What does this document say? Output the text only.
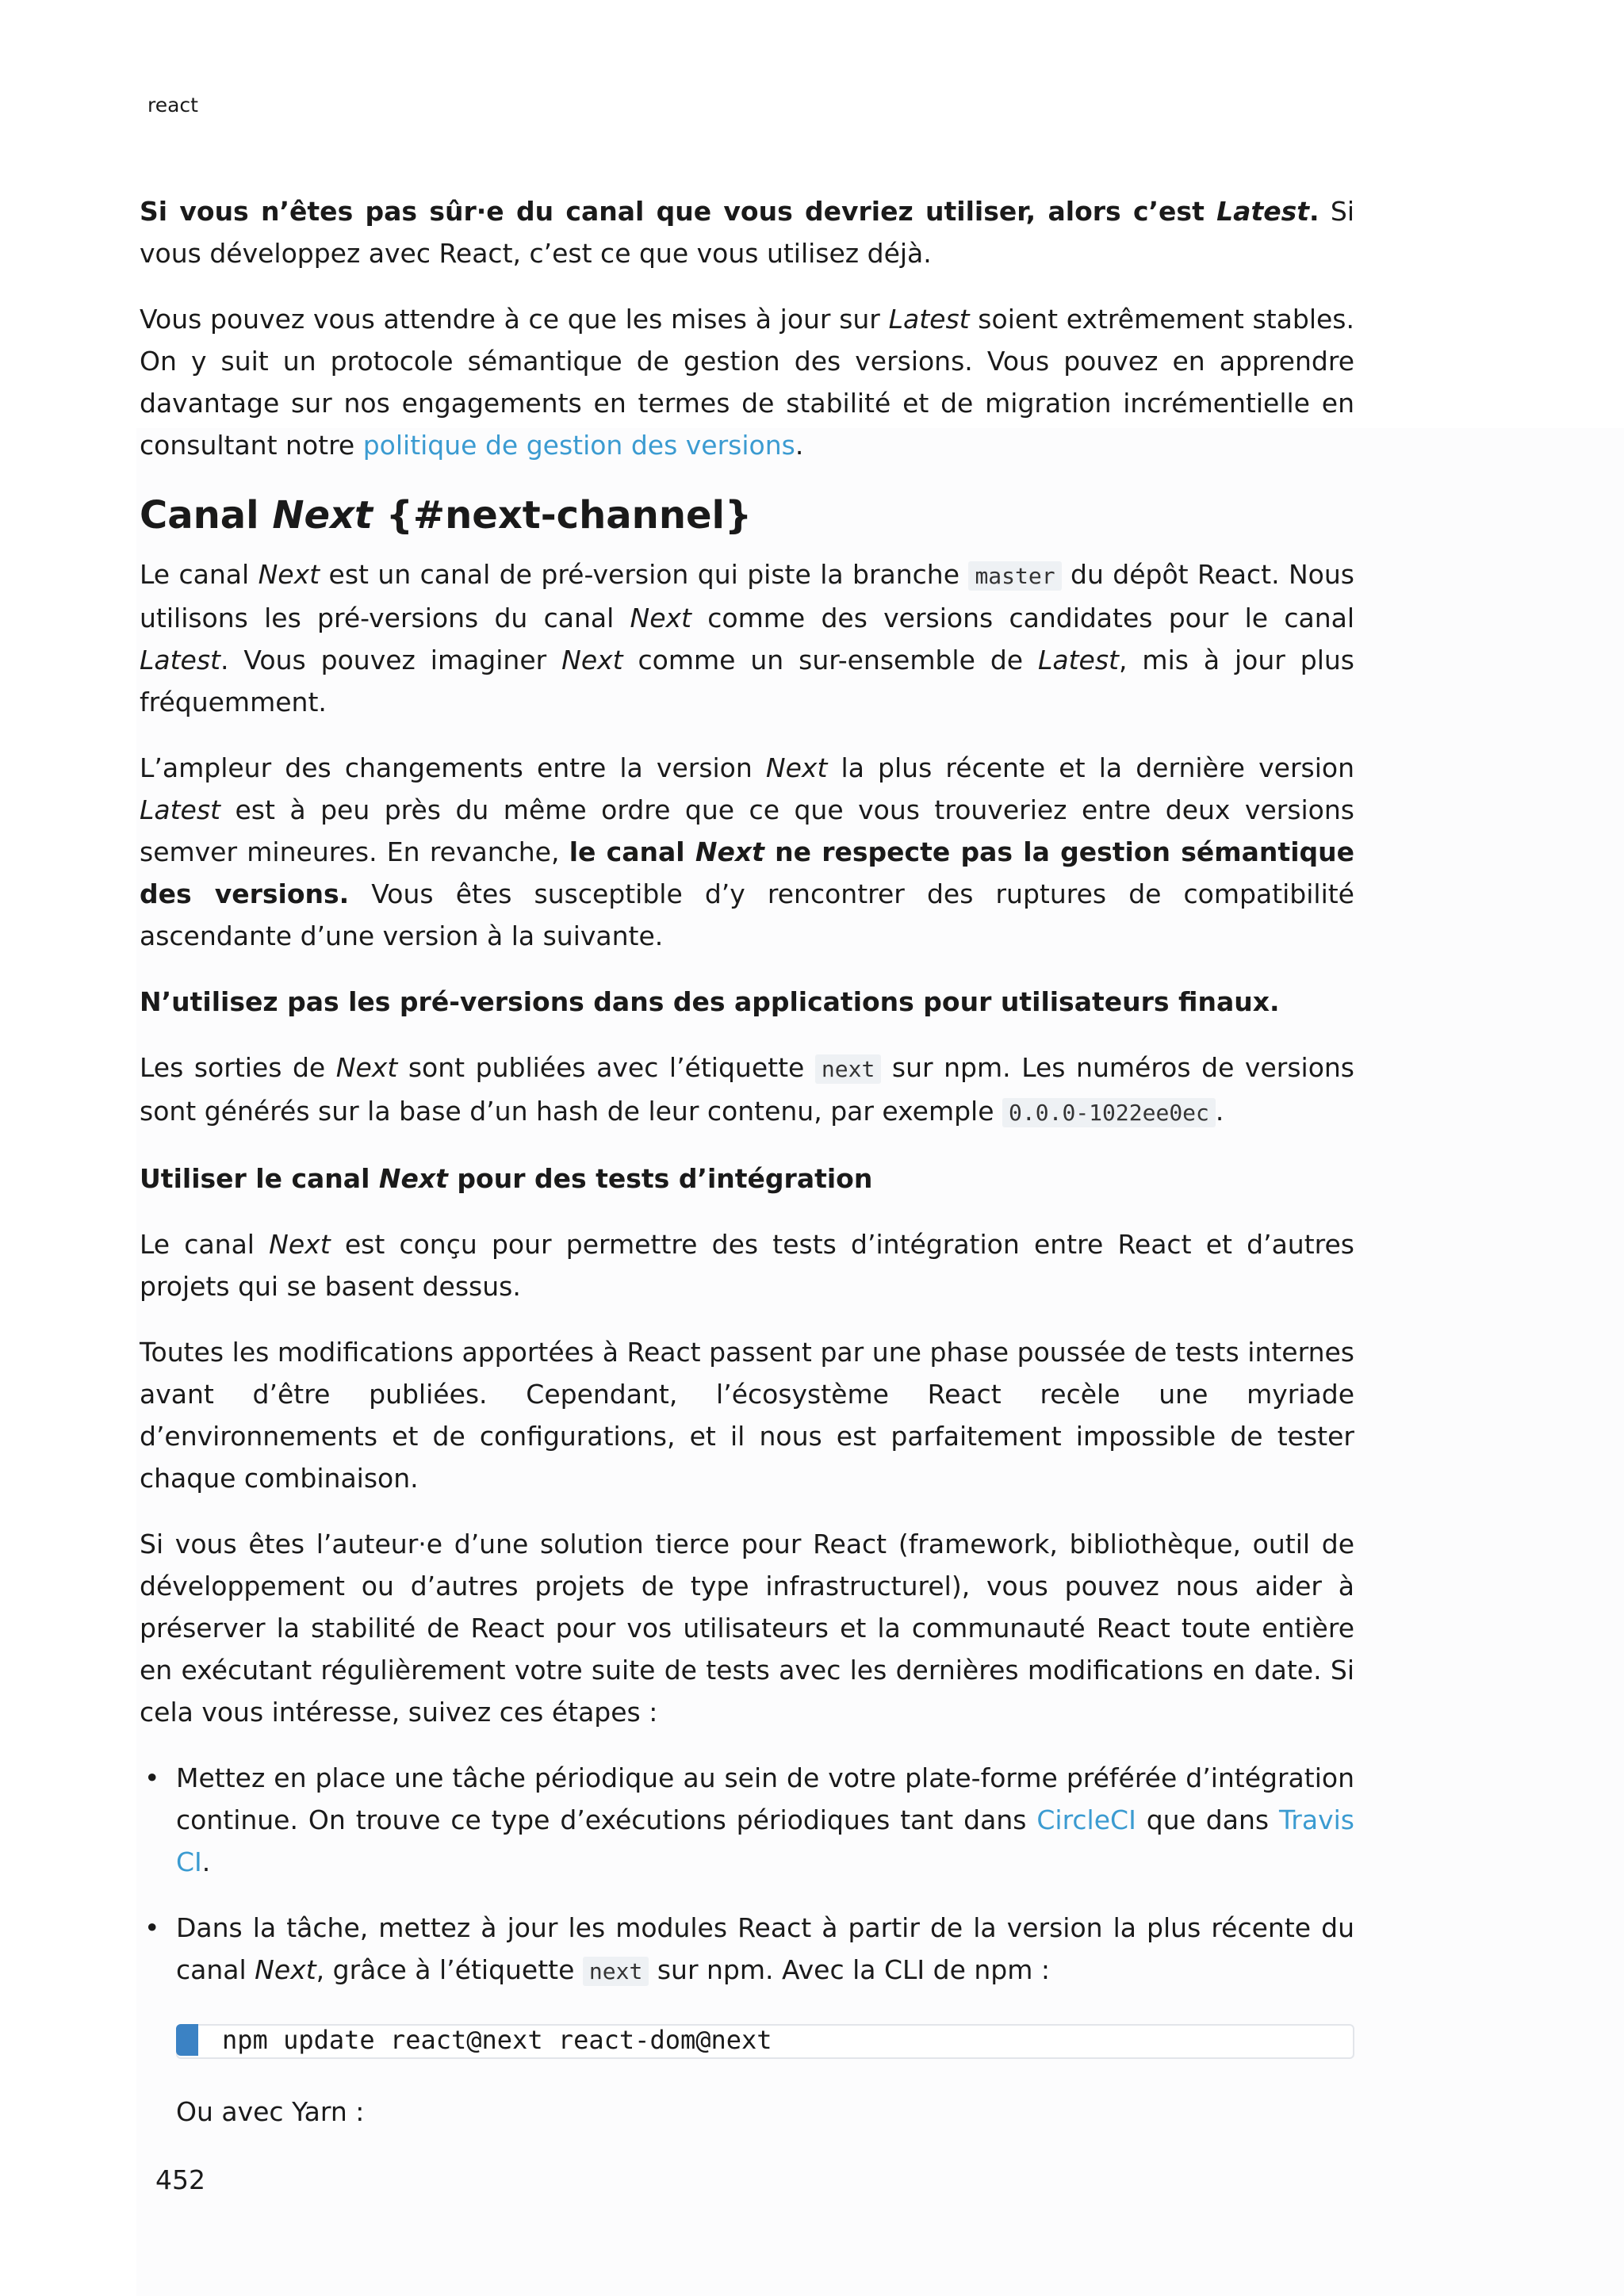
react

Si vous n’êtes pas sûr·e du canal que vous devriez utiliser, alors c’est Latest. Si vous développez avec React, c’est ce que vous utilisez déjà.

Vous pouvez vous attendre à ce que les mises à jour sur Latest soient extrêmement stables. On y suit un protocole sémantique de gestion des versions. Vous pouvez en apprendre davantage sur nos engagements en termes de stabilité et de migration incrémentielle en consultant notre politique de gestion des versions.

Canal Next {#next-channel}

Le canal Next est un canal de pré-version qui piste la branche master du dépôt React. Nous utilisons les pré-versions du canal Next comme des versions candidates pour le canal Latest. Vous pouvez imaginer Next comme un sur-ensemble de Latest, mis à jour plus fréquemment.

L’ampleur des changements entre la version Next la plus récente et la dernière version Latest est à peu près du même ordre que ce que vous trouveriez entre deux versions semver mineures. En revanche, le canal Next ne respecte pas la gestion sémantique des versions. Vous êtes susceptible d’y rencontrer des ruptures de compatibilité ascendante d’une version à la suivante.

N’utilisez pas les pré-versions dans des applications pour utilisateurs finaux.

Les sorties de Next sont publiées avec l’étiquette next sur npm. Les numéros de versions sont générés sur la base d’un hash de leur contenu, par exemple 0.0.0-1022ee0ec .

Utiliser le canal Next pour des tests d’intégration

Le canal Next est conçu pour permettre des tests d’intégration entre React et d’autres projets qui se basent dessus.

Toutes les modifications apportées à React passent par une phase poussée de tests internes avant d’être publiées. Cependant, l’écosystème React recèle une myriade d’environnements et de configurations, et il nous est parfaitement impossible de tester chaque combinaison.

Si vous êtes l’auteur·e d’une solution tierce pour React (framework, bibliothèque, outil de développement ou d’autres projets de type infrastructurel), vous pouvez nous aider à préserver la stabilité de React pour vos utilisateurs et la communauté React toute entière en exécutant régulièrement votre suite de tests avec les dernières modifications en date. Si cela vous intéresse, suivez ces étapes :

• Mettez en place une tâche périodique au sein de votre plate-forme préférée d’intégration continue. On trouve ce type d’exécutions périodiques tant dans CircleCI que dans Travis CI.
• Dans la tâche, mettez à jour les modules React à partir de la version la plus récente du canal Next, grâce à l’étiquette next sur npm. Avec la CLI de npm :
npm update react@next react-dom@next

Ou avec Yarn :

452
